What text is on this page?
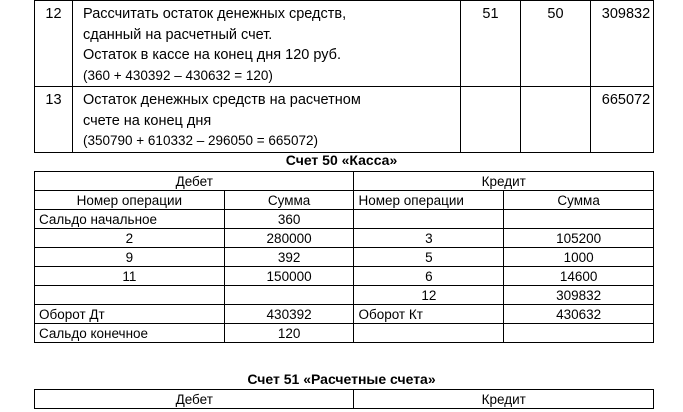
12	Рассчитать остаток денежных средств,
сданный на расчетный счет.
Остаток в кассе на конец дня 120 руб.
(360 + 430392 – 430632 = 120)	51	50	309832
13	Остаток денежных средств на расчетном
счете на конец дня
(350790 + 610332 – 296050 = 665072)			665072
Счет 50 «Касса»
Дебет		Кредит	
Номер операции	Сумма	Номер операции	Сумма
Сальдо начальное	360		
2	280000	3	105200
9	392	5	1000
11	150000	6	14600
		12	309832
Оборот Дт	430392	Оборот Кт	430632
Сальдо конечное	120		
Счет 51 «Расчетные счета»
Дебет	Кредит
